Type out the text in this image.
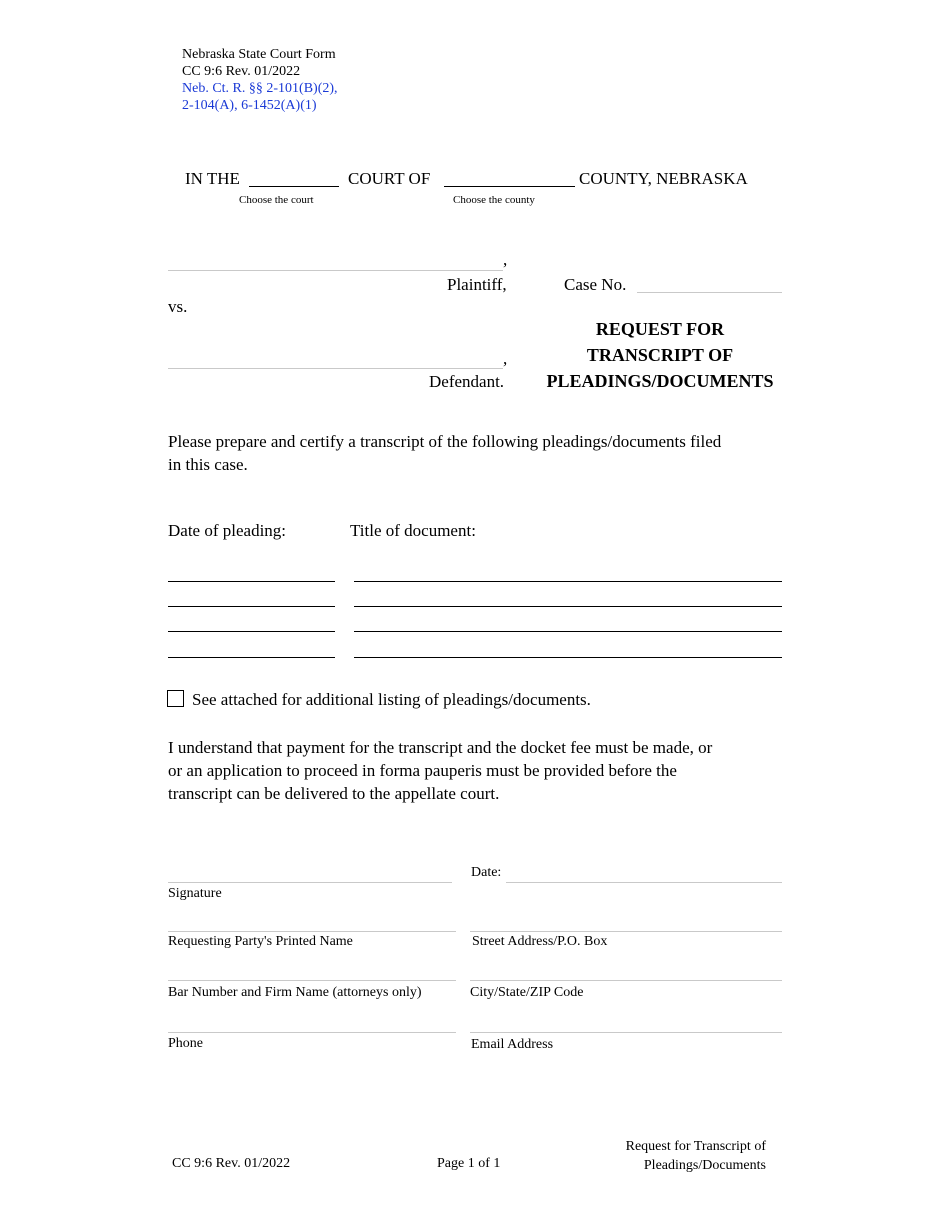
Nebraska State Court Form
CC 9:6 Rev. 01/2022
Neb. Ct. R. §§ 2-101(B)(2),
2-104(A), 6-1452(A)(1)
IN THE	COURT OF	COUNTY, NEBRASKA
Choose the court	Choose the county
,
Plaintiff,	Case No.
vs.
,
Defendant.
REQUEST FOR
TRANSCRIPT OF
PLEADINGS/DOCUMENTS
Please prepare and certify a transcript of the following pleadings/documents filed
in this case.
Date of pleading:	Title of document:
See attached for additional listing of pleadings/documents.
I understand that payment for the transcript and the docket fee must be made, or
or an application to proceed in forma pauperis must be provided before the
transcript can be delivered to the appellate court.
Date:
Signature
Requesting Party's Printed Name	Street Address/P.O. Box
Bar Number and Firm Name (attorneys only)	City/State/ZIP Code
Phone	Email Address
CC 9:6 Rev. 01/2022	Page 1 of 1
Request for Transcript of
Pleadings/Documents
